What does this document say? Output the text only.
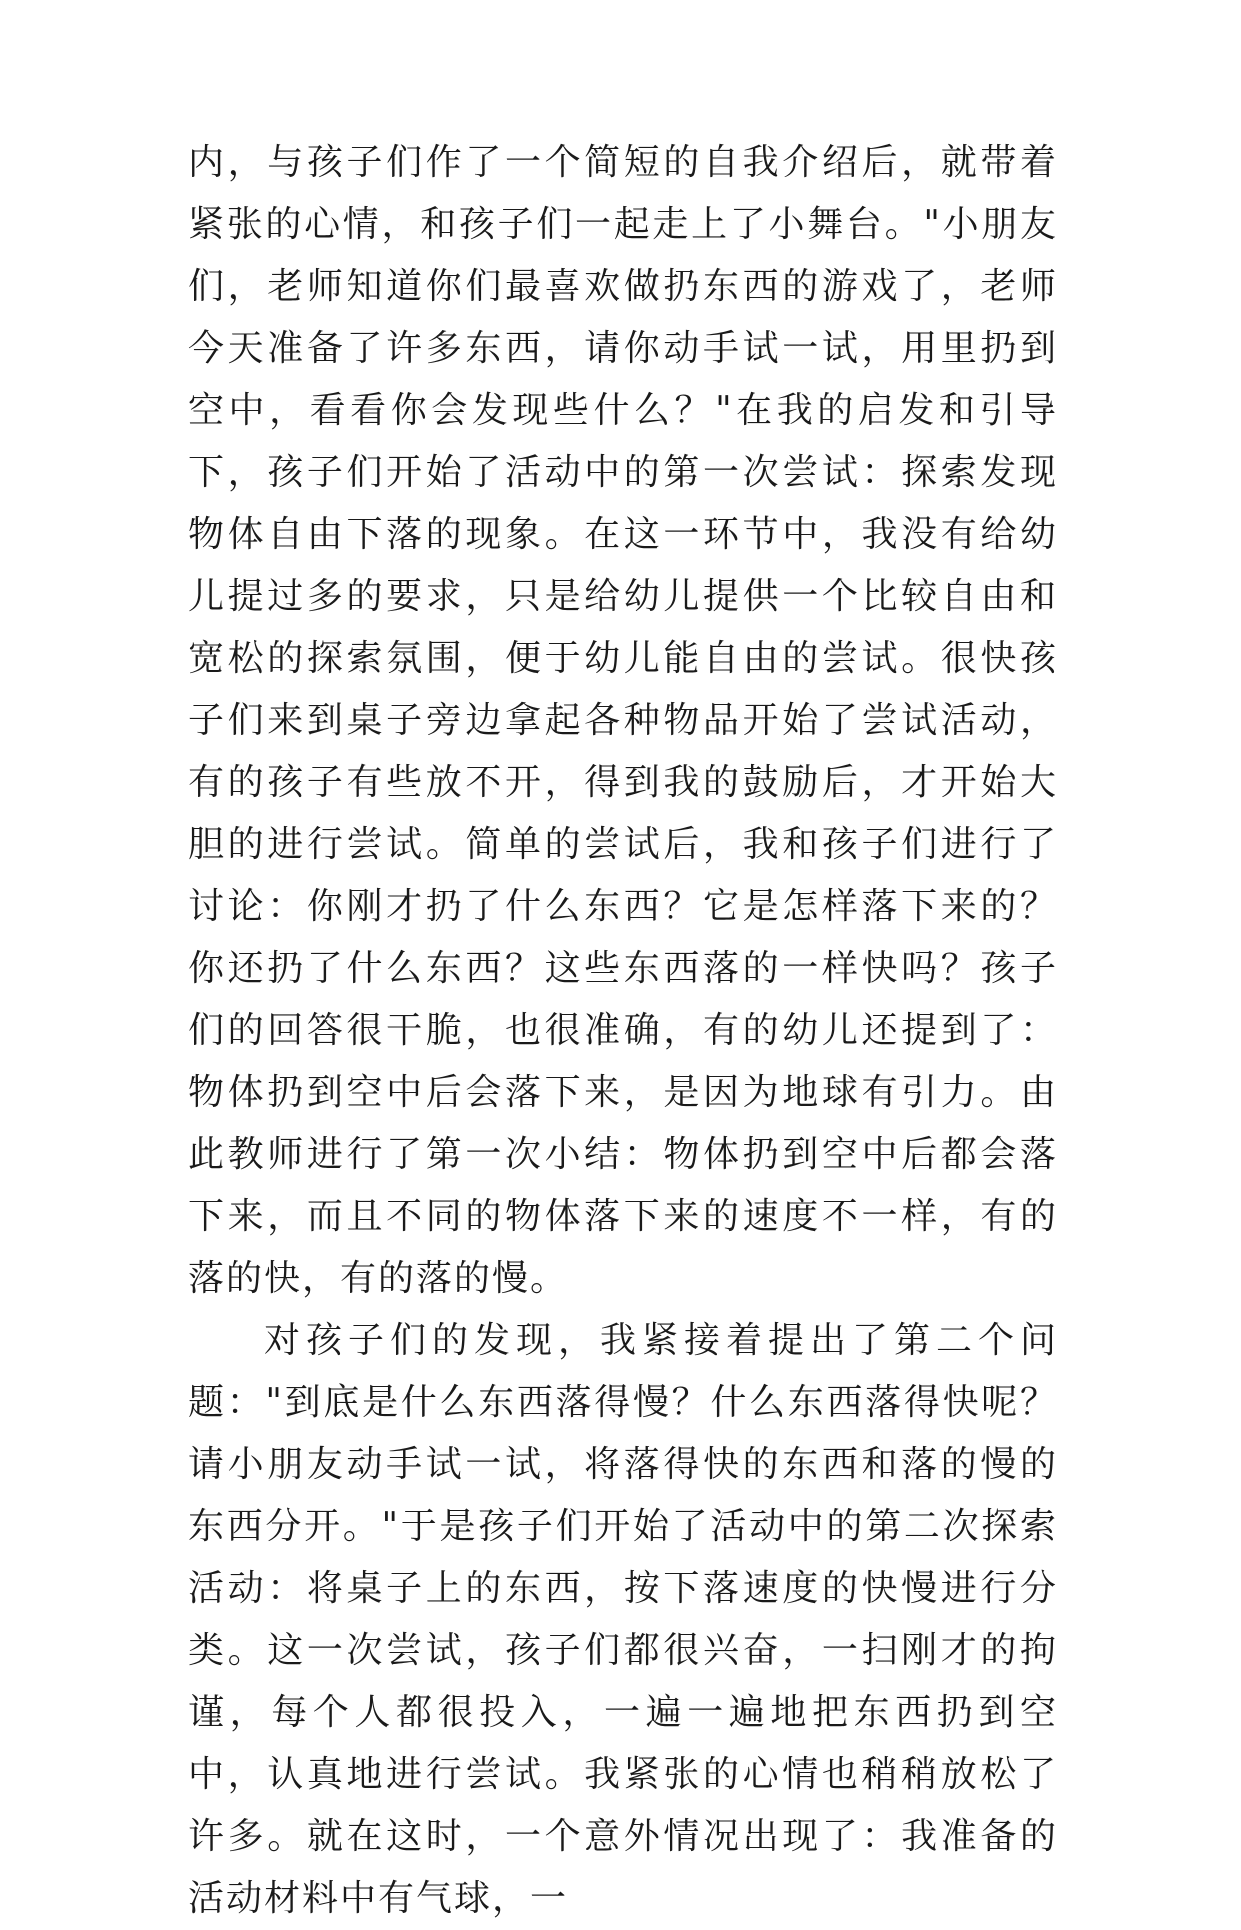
内，与孩子们作了一个简短的自我介绍后，就带着紧张的心情，和孩子们一起走上了小舞台。"小朋友们，老师知道你们最喜欢做扔东西的游戏了，老师今天准备了许多东西，请你动手试一试，用里扔到空中，看看你会发现些什么？"在我的启发和引导下，孩子们开始了活动中的第一次尝试：探索发现物体自由下落的现象。在这一环节中，我没有给幼儿提过多的要求，只是给幼儿提供一个比较自由和宽松的探索氛围，便于幼儿能自由的尝试。很快孩子们来到桌子旁边拿起各种物品开始了尝试活动，有的孩子有些放不开，得到我的鼓励后，才开始大胆的进行尝试。简单的尝试后，我和孩子们进行了讨论：你刚才扔了什么东西？它是怎样落下来的？你还扔了什么东西？这些东西落的一样快吗？孩子们的回答很干脆，也很准确，有的幼儿还提到了：物体扔到空中后会落下来，是因为地球有引力。由此教师进行了第一次小结：物体扔到空中后都会落下来，而且不同的物体落下来的速度不一样，有的落的快，有的落的慢。

对孩子们的发现，我紧接着提出了第二个问题："到底是什么东西落得慢？什么东西落得快呢？请小朋友动手试一试，将落得快的东西和落的慢的东西分开。"于是孩子们开始了活动中的第二次探索活动：将桌子上的东西，按下落速度的快慢进行分类。这一次尝试，孩子们都很兴奋，一扫刚才的拘谨，每个人都很投入，一遍一遍地把东西扔到空中，认真地进行尝试。我紧张的心情也稍稍放松了许多。就在这时，一个意外情况出现了：我准备的活动材料中有气球，一
